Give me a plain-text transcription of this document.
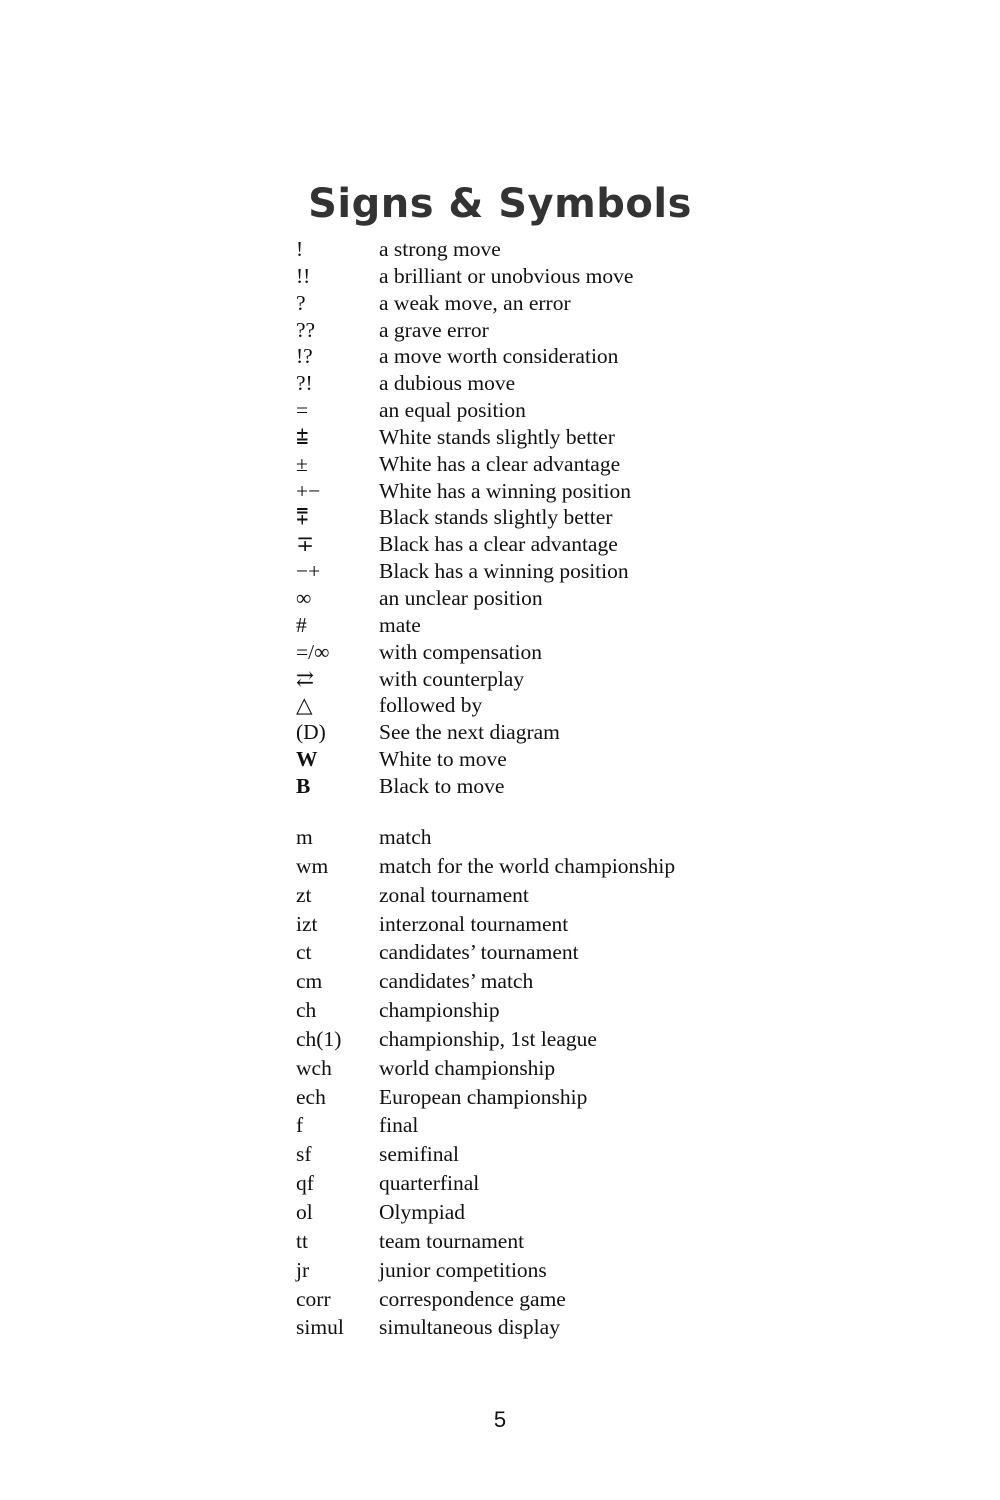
Signs & Symbols
!	a strong move
!!	a brilliant or unobvious move
?	a weak move, an error
??	a grave error
!?	a move worth consideration
?!	a dubious move
=	an equal position
⩲	White stands slightly better
±	White has a clear advantage
+−	White has a winning position
⩱	Black stands slightly better
∓	Black has a clear advantage
−+	Black has a winning position
∞	an unclear position
#	mate
=/∞	with compensation
⇄	with counterplay
△	followed by
(D)	See the next diagram
W	White to move
B	Black to move
m	match
wm	match for the world championship
zt	zonal tournament
izt	interzonal tournament
ct	candidates’ tournament
cm	candidates’ match
ch	championship
ch(1)	championship, 1st league
wch	world championship
ech	European championship
f	final
sf	semifinal
qf	quarterfinal
ol	Olympiad
tt	team tournament
jr	junior competitions
corr	correspondence game
simul	simultaneous display
5
